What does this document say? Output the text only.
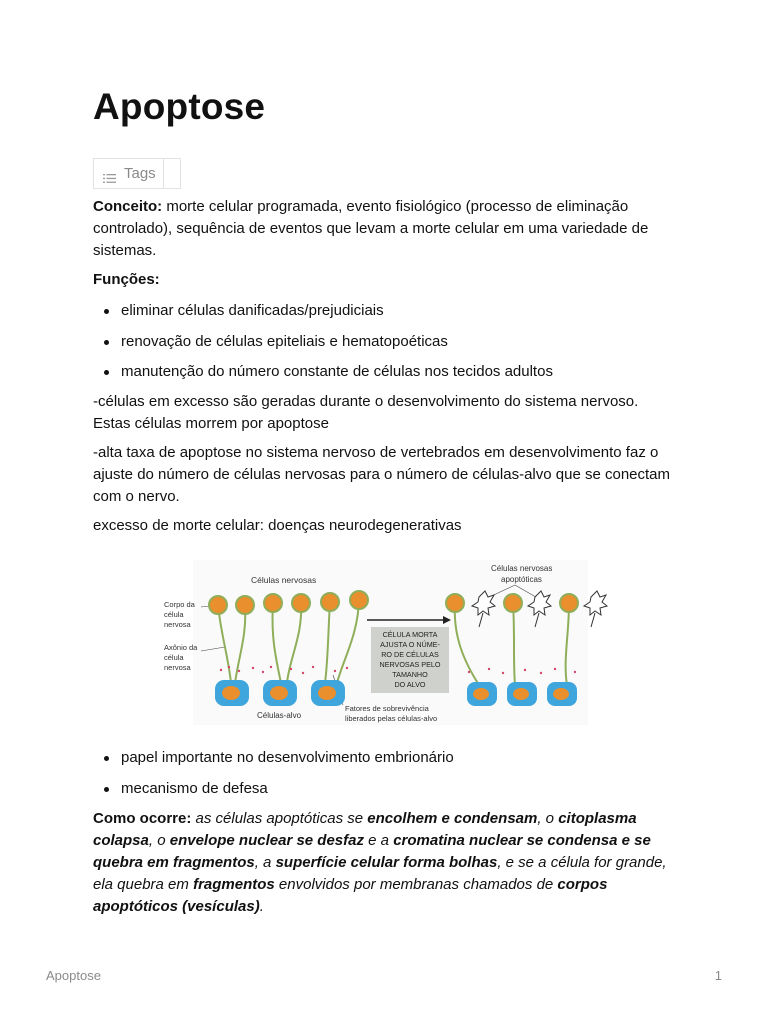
Apoptose
Tags
Conceito: morte celular programada, evento fisiológico (processo de eliminação controlado), sequência de eventos que levam a morte celular em uma variedade de sistemas.
Funções:
eliminar células danificadas/prejudiciais
renovação de células epiteliais e hematopoéticas
manutenção do número constante de células nos tecidos adultos
-células em excesso são geradas durante o desenvolvimento do sistema nervoso. Estas células morrem por apoptose
-alta taxa de apoptose no sistema nervoso de vertebrados em desenvolvimento faz o ajuste do número de células nervosas para o número de células-alvo que se conectam com o nervo.
excesso de morte celular: doenças neurodegenerativas
Células nervosas
Corpo da
célula
nervosa
Axônio da
célula
nervosa
Células-alvo
Fatores de sobrevivência
liberados pelas células-alvo
Células nervosas
apoptóticas
CÉLULA MORTA
AJUSTA O NÚME-
RO DE CÉLULAS
NERVOSAS PELO
TAMANHO
DO ALVO
papel importante no desenvolvimento embrionário
mecanismo de defesa
Como ocorre: as células apoptóticas se encolhem e condensam, o citoplasma colapsa, o envelope nuclear se desfaz e a cromatina nuclear se condensa e se quebra em fragmentos, a superfície celular forma bolhas, e se a célula for grande, ela quebra em fragmentos envolvidos por membranas chamados de corpos apoptóticos (vesículas).
Apoptose	1
